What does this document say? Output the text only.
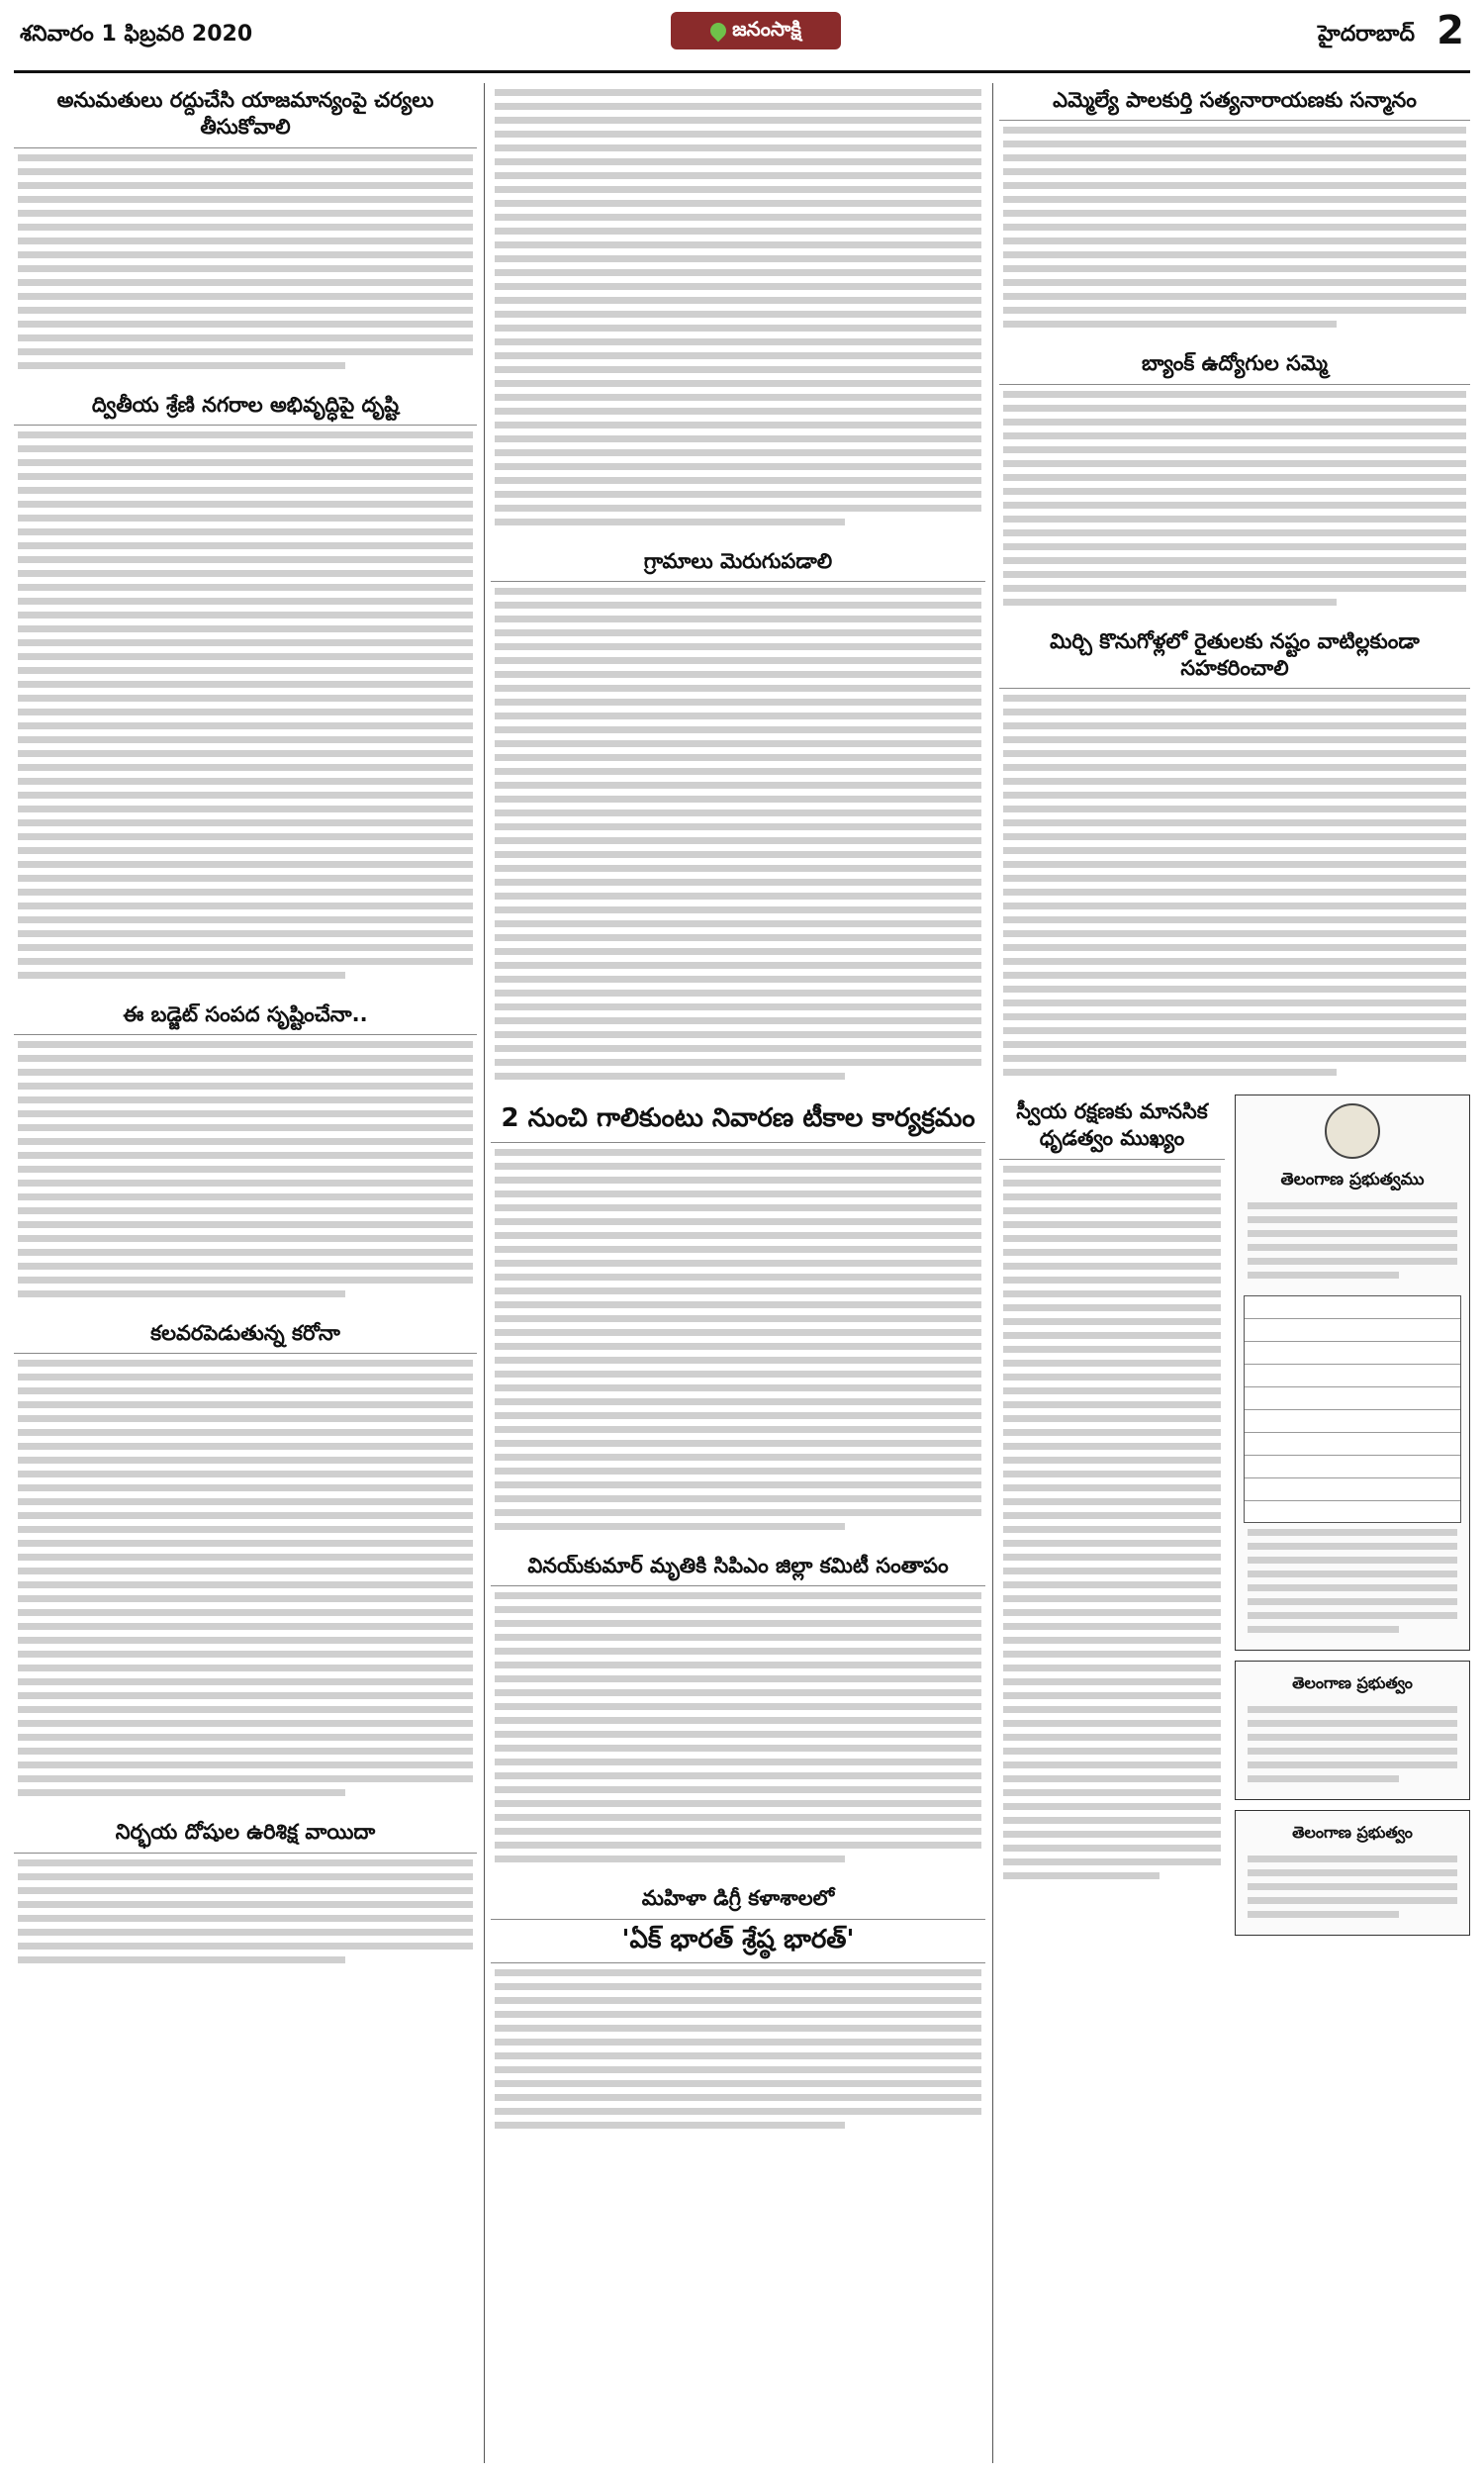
శనివారం 1 ఫిబ్రవరి 2020	జనంసాక్షి	హైదరాబాద్ 2
అనుమతులు రద్దుచేసి యాజమాన్యంపై చర్యలు తీసుకోవాలి
ద్వితీయ శ్రేణి నగరాల అభివృద్ధిపై దృష్టి
ఈ బడ్జెట్ సంపద సృష్టించేనా..
కలవరపెడుతున్న కరోనా
నిర్భయ దోషుల ఉరిశిక్ష వాయిదా
గ్రామాలు మెరుగుపడాలి
2 నుంచి గాలికుంటు నివారణ టీకాల కార్యక్రమం
వినయ్‌కుమార్ మృతికి సిపిఎం జిల్లా కమిటీ సంతాపం
మహిళా డిగ్రీ కళాశాలలో
'ఏక్ భారత్ శ్రేష్ఠ భారత్'
ఎమ్మెల్యే పాలకుర్తి సత్యనారాయణకు సన్మానం
బ్యాంక్ ఉద్యోగుల సమ్మె
మిర్చి కొనుగోళ్లలో రైతులకు నష్టం వాటిల్లకుండా సహకరించాలి
స్వీయ రక్షణకు మానసిక ధృడత్వం ముఖ్యం
తెలంగాణ ప్రభుత్వము
తెలంగాణ ప్రభుత్వం
తెలంగాణ ప్రభుత్వం
